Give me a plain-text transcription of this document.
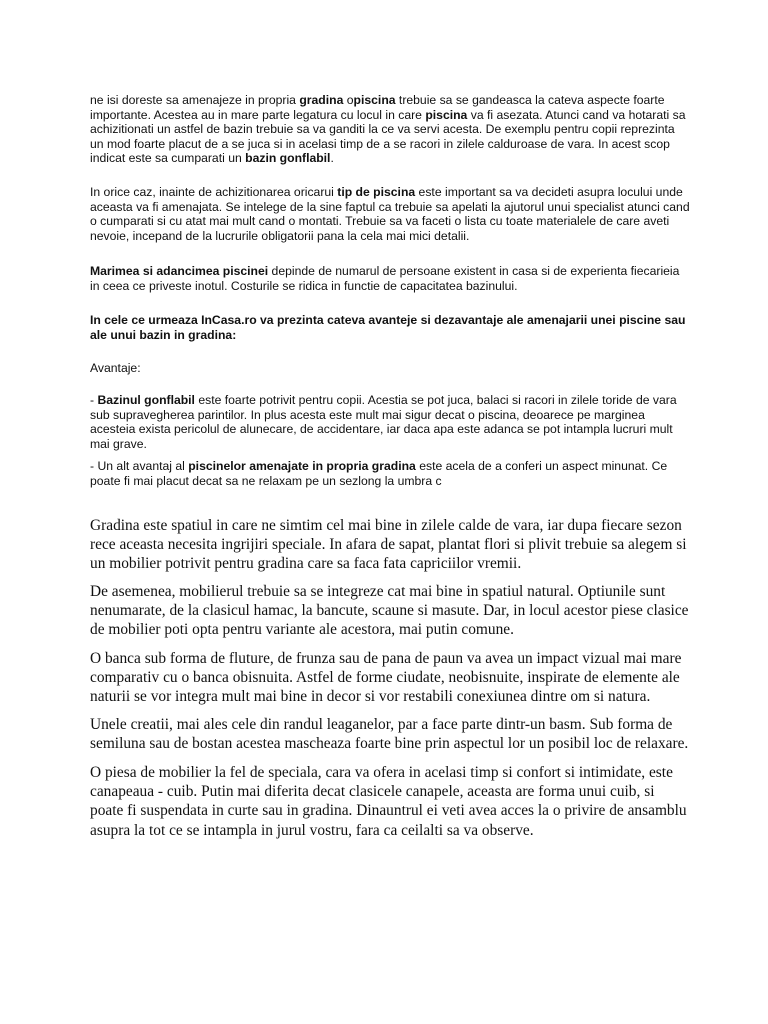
ne isi doreste sa amenajeze in propria gradina opiscina trebuie sa se gandeasca la cateva aspecte foarte importante. Acestea au in mare parte legatura cu locul in care piscina va fi asezata. Atunci cand va hotarati sa achizitionati un astfel de bazin trebuie sa va ganditi la ce va servi acesta. De exemplu pentru copii reprezinta un mod foarte placut de a se juca si in acelasi timp de a se racori in zilele calduroase de vara. In acest scop indicat este sa cumparati un bazin gonflabil.

In orice caz, inainte de achizitionarea oricarui tip de piscina este important sa va decideti asupra locului unde aceasta va fi amenajata. Se intelege de la sine faptul ca trebuie sa apelati la ajutorul unui specialist atunci cand o cumparati si cu atat mai mult cand o montati. Trebuie sa va faceti o lista cu toate materialele de care aveti nevoie, incepand de la lucrurile obligatorii pana la cela mai mici detalii.

Marimea si adancimea piscinei depinde de numarul de persoane existent in casa si de experienta fiecarieia in ceea ce priveste inotul. Costurile se ridica in functie de capacitatea bazinului.

In cele ce urmeaza InCasa.ro va prezinta cateva avanteje si dezavantaje ale amenajarii unei piscine sau ale unui bazin in gradina:

Avantaje:

- Bazinul gonflabil este foarte potrivit pentru copii. Acestia se pot juca, balaci si racori in zilele toride de vara sub supravegherea parintilor. In plus acesta este mult mai sigur decat o piscina, deoarece pe marginea acesteia exista pericolul de alunecare, de accidentare, iar daca apa este adanca se pot intampla lucruri mult mai grave.

- Un alt avantaj al piscinelor amenajate in propria gradina este acela de a conferi un aspect minunat. Ce poate fi mai placut decat sa ne relaxam pe un sezlong la umbra c

Gradina este spatiul in care ne simtim cel mai bine in zilele calde de vara, iar dupa fiecare sezon rece aceasta necesita ingrijiri speciale. In afara de sapat, plantat flori si plivit trebuie sa alegem si un mobilier potrivit pentru gradina care sa faca fata capriciilor vremii.

De asemenea, mobilierul trebuie sa se integreze cat mai bine in spatiul natural. Optiunile sunt nenumarate, de la clasicul hamac, la bancute, scaune si masute. Dar, in locul acestor piese clasice de mobilier poti opta pentru variante ale acestora, mai putin comune.

O banca sub forma de fluture, de frunza sau de pana de paun va avea un impact vizual mai mare comparativ cu o banca obisnuita. Astfel de forme ciudate, neobisnuite, inspirate de elemente ale naturii se vor integra mult mai bine in decor si vor restabili conexiunea dintre om si natura.

Unele creatii, mai ales cele din randul leaganelor, par a face parte dintr-un basm. Sub forma de semiluna sau de bostan acestea mascheaza foarte bine prin aspectul lor un posibil loc de relaxare.

O piesa de mobilier la fel de speciala, cara va ofera in acelasi timp si confort si intimidate, este canapeaua - cuib. Putin mai diferita decat clasicele canapele, aceasta are forma unui cuib, si poate fi suspendata in curte sau in gradina. Dinauntrul ei veti avea acces la o privire de ansamblu asupra la tot ce se intampla in jurul vostru, fara ca ceilalti sa va observe.
